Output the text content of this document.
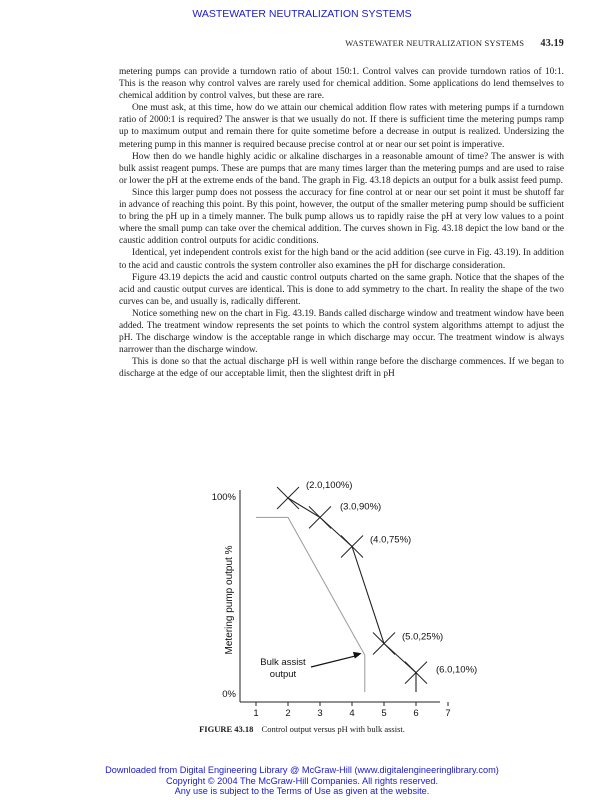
WASTEWATER NEUTRALIZATION SYSTEMS
WASTEWATER NEUTRALIZATION SYSTEMS 43.19

metering pumps can provide a turndown ratio of about 150:1. Control valves can provide turndown ratios of 10:1. This is the reason why control valves are rarely used for chemical addition. Some applications do lend themselves to chemical addition by control valves, but these are rare.

One must ask, at this time, how do we attain our chemical addition flow rates with metering pumps if a turndown ratio of 2000:1 is required? The answer is that we usually do not. If there is sufficient time the metering pumps ramp up to maximum output and remain there for quite sometime before a decrease in output is realized. Undersizing the metering pump in this manner is required because precise control at or near our set point is imperative.

How then do we handle highly acidic or alkaline discharges in a reasonable amount of time? The answer is with bulk assist reagent pumps. These are pumps that are many times larger than the metering pumps and are used to raise or lower the pH at the extreme ends of the band. The graph in Fig. 43.18 depicts an output for a bulk assist feed pump.

Since this larger pump does not possess the accuracy for fine control at or near our set point it must be shutoff far in advance of reaching this point. By this point, however, the output of the smaller metering pump should be sufficient to bring the pH up in a timely manner. The bulk pump allows us to rapidly raise the pH at very low values to a point where the small pump can take over the chemical addition. The curves shown in Fig. 43.18 depict the low band or the caustic addition control outputs for acidic conditions.

Identical, yet independent controls exist for the high band or the acid addition (see curve in Fig. 43.19). In addition to the acid and caustic controls the system controller also examines the pH for discharge consideration.

Figure 43.19 depicts the acid and caustic control outputs charted on the same graph. Notice that the shapes of the acid and caustic output curves are identical. This is done to add symmetry to the chart. In reality the shape of the two curves can be, and usually is, radically different.

Notice something new on the chart in Fig. 43.19. Bands called discharge window and treatment window have been added. The treatment window represents the set points to which the control system algorithms attempt to adjust the pH. The discharge window is the acceptable range in which discharge may occur. The treatment window is always narrower than the discharge window.

This is done so that the actual discharge pH is well within range before the discharge commences. If we began to discharge at the edge of our acceptable limit, then the slightest drift in pH

Metering pump output %
100%
0%
1	2	3	4	5	6	7
(2.0,100%)
(3.0,90%)
(4.0,75%)
(5.0,25%)
(6.0,10%)
Bulk assist
output
FIGURE 43.18 Control output versus pH with bulk assist.
Downloaded from Digital Engineering Library @ McGraw-Hill (www.digitalengineeringlibrary.com)
Copyright © 2004 The McGraw-Hill Companies. All rights reserved.
Any use is subject to the Terms of Use as given at the website.
